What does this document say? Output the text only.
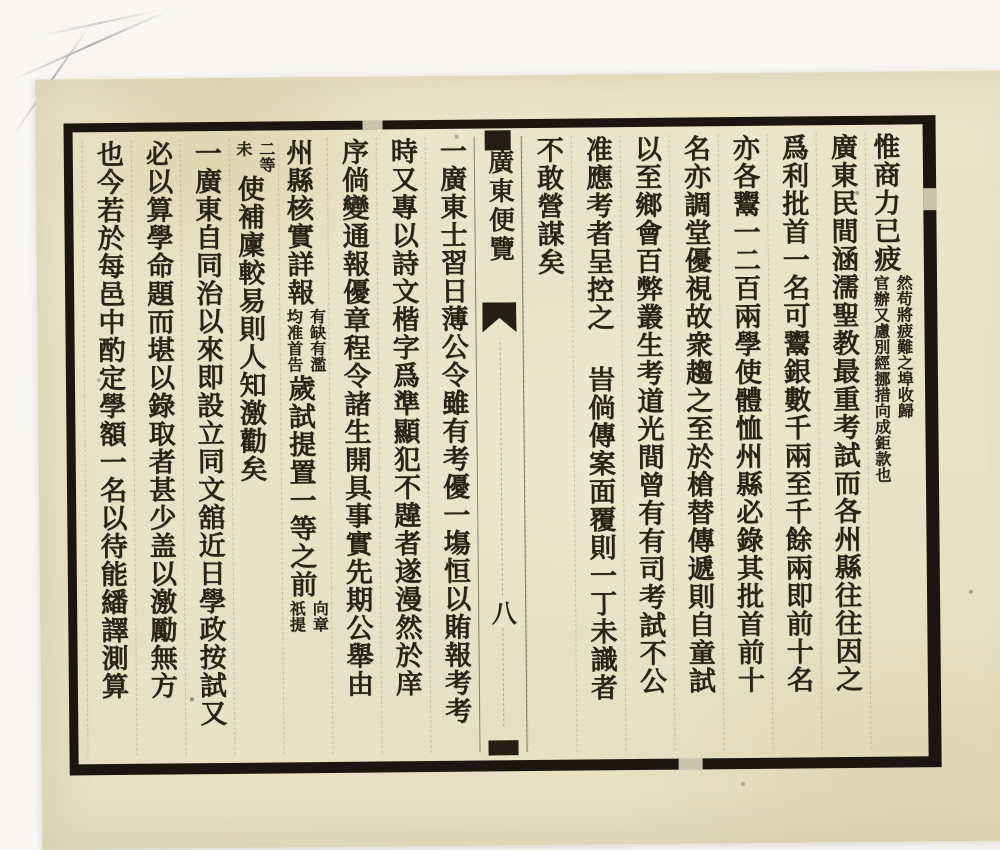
惟商力已疲
然苟將疲難之埠收歸
官辦又慮別經挪措向成鉅款也
廣東民間涵濡聖教最重考試而各州縣往往因之
爲利批首一名可鬻銀數千兩至千餘兩即前十名
亦各鬻一二百兩學使體恤州縣必錄其批首前十
名亦調堂優視故衆趨之至於槍替傳遞則自童試
以至鄉會百弊叢生考道光間曾有有司考試不公
准應考者呈控之旹倘傳案面覆則一丁未識者
不敢營謀矣
廣東便覽
八
一廣東士習日薄公令雖有考優一塲恒以賄報考考
時又專以詩文楷字爲準顯犯不韙者遂漫然於庠
序倘變通報優章程令諸生開具事實先期公舉由
州縣核實詳報
有缺有濫
均准首告
歲試提置一等之前
向章
祇提
二等
未
使補廩較易則人知激勸矣
一廣東自同治以來即設立同文舘近日學政按試又
必以算學命題而堪以錄取者甚少盖以激勵無方
也今若於每邑中酌定學額一名以待能繙譯測算
